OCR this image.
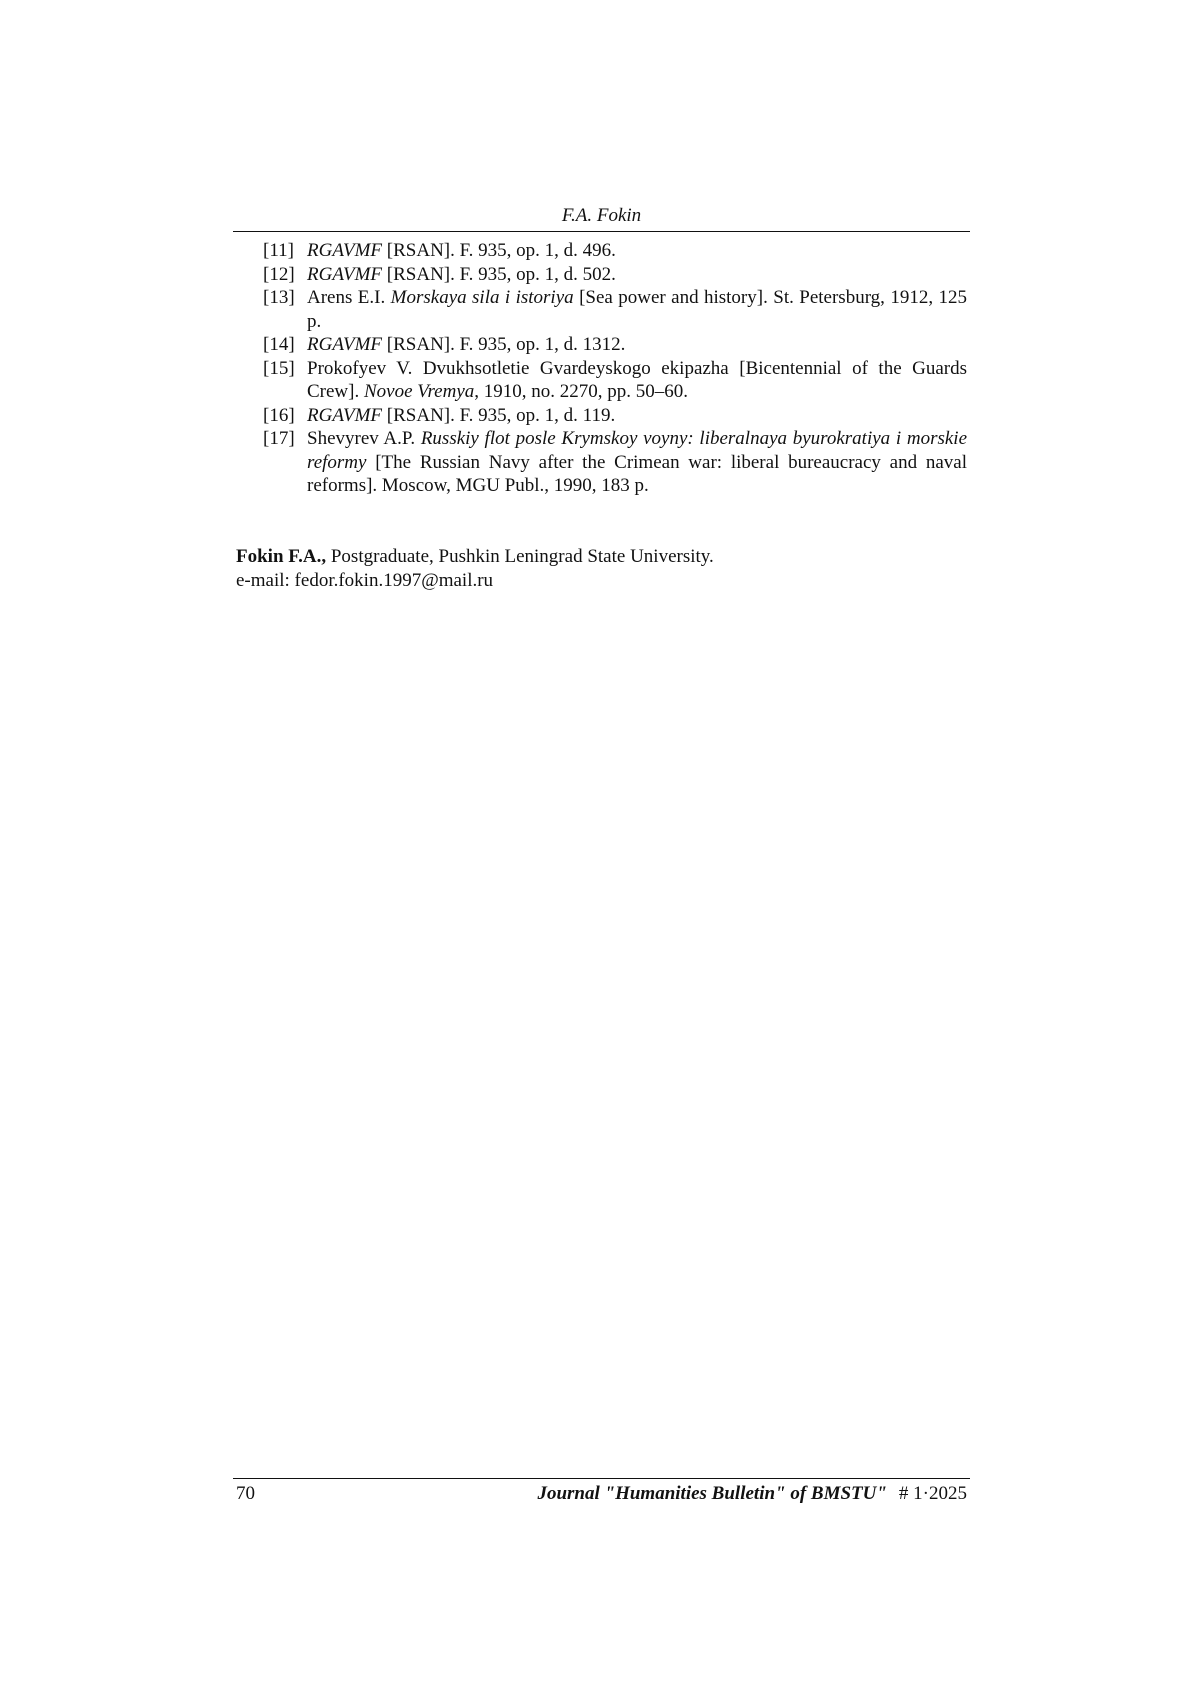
F.A. Fokin
[11] RGAVMF [RSAN]. F. 935, op. 1, d. 496.
[12] RGAVMF [RSAN]. F. 935, op. 1, d. 502.
[13] Arens E.I. Morskaya sila i istoriya [Sea power and history]. St. Petersburg, 1912, 125 p.
[14] RGAVMF [RSAN]. F. 935, op. 1, d. 1312.
[15] Prokofyev V. Dvukhsotletie Gvardeyskogo ekipazha [Bicentennial of the Guards Crew]. Novoe Vremya, 1910, no. 2270, pp. 50–60.
[16] RGAVMF [RSAN]. F. 935, op. 1, d. 119.
[17] Shevyrev A.P. Russkiy flot posle Krymskoy voyny: liberalnaya byurokratiya i morskie reformy [The Russian Navy after the Crimean war: liberal bureaucracy and naval reforms]. Moscow, MGU Publ., 1990, 183 p.
Fokin F.A., Postgraduate, Pushkin Leningrad State University.
e-mail: fedor.fokin.1997@mail.ru
70	Journal "Humanities Bulletin" of BMSTU" # 1·2025
